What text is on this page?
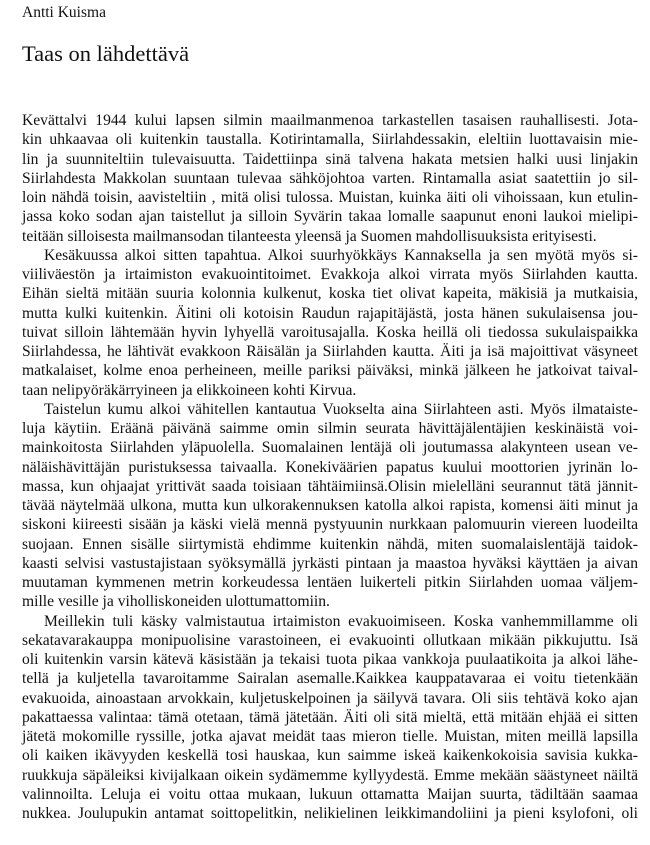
Antti Kuisma
Taas on lähdettävä
Kevättalvi 1944 kului lapsen silmin maailmanmenoa tarkastellen tasaisen rauhallisesti. Jota-
kin uhkaavaa oli kuitenkin taustalla. Kotirintamalla, Siirlahdessakin, eleltiin luottavaisin mie-
lin ja suunniteltiin tulevaisuutta. Taidettiinpa sinä talvena hakata metsien halki uusi linjakin
Siirlahdesta Makkolan suuntaan tulevaa sähköjohtoa varten. Rintamalla asiat saatettiin jo sil-
loin nähdä toisin, aavisteltiin , mitä olisi tulossa. Muistan, kuinka äiti oli vihoissaan, kun etulin-
jassa koko sodan ajan taistellut ja silloin Syvärin takaa lomalle saapunut enoni laukoi mielipi-
teitään silloisesta mailmansodan tilanteesta yleensä ja Suomen mahdollisuuksista erityisesti.
Kesäkuussa alkoi sitten tapahtua. Alkoi suurhyökkäys Kannaksella ja sen myötä myös si-
viiliväestön ja irtaimiston evakuointitoimet. Evakkoja alkoi virrata myös Siirlahden kautta.
Eihän sieltä mitään suuria kolonnia kulkenut, koska tiet olivat kapeita, mäkisiä ja mutkaisia,
mutta kulki kuitenkin. Äitini oli kotoisin Raudun rajapitäjästä, josta hänen sukulaisensa jou-
tuivat silloin lähtemään hyvin lyhyellä varoitusajalla. Koska heillä oli tiedossa sukulaispaikka
Siirlahdessa, he lähtivät evakkoon Räisälän ja Siirlahden kautta. Äiti ja isä majoittivat väsyneet
matkalaiset, kolme enoa perheineen, meille pariksi päiväksi, minkä jälkeen he jatkoivat taival-
taan nelipyöräkärryineen ja elikkoineen kohti Kirvua.
Taistelun kumu alkoi vähitellen kantautua Vuokselta aina Siirlahteen asti. Myös ilmataiste-
luja käytiin. Eräänä päivänä saimme omin silmin seurata hävittäjälentäjien keskinäistä voi-
mainkoitosta Siirlahden yläpuolella. Suomalainen lentäjä oli joutumassa alakynteen usean ve-
näläishävittäjän puristuksessa taivaalla. Konekiväärien papatus kuului moottorien jyrinän lo-
massa, kun ohjaajat yrittivät saada toisiaan tähtäimiinsä.Olisin mielelläni seurannut tätä jännit-
tävää näytelmää ulkona, mutta kun ulkorakennuksen katolla alkoi rapista, komensi äiti minut ja
siskoni kiireesti sisään ja käski vielä mennä pystyuunin nurkkaan palomuurin viereen luodeilta
suojaan. Ennen sisälle siirtymistä ehdimme kuitenkin nähdä, miten suomalaislentäjä taidok-
kaasti selvisi vastustajistaan syöksymällä jyrkästi pintaan ja maastoa hyväksi käyttäen ja aivan
muutaman kymmenen metrin korkeudessa lentäen luikerteli pitkin Siirlahden uomaa väljem-
mille vesille ja viholliskoneiden ulottumattomiin.
Meillekin tuli käsky valmistautua irtaimiston evakuoimiseen. Koska vanhemmillamme oli
sekatavarakauppa monipuolisine varastoineen, ei evakuointi ollutkaan mikään pikkujuttu. Isä
oli kuitenkin varsin kätevä käsistään ja tekaisi tuota pikaa vankkoja puulaatikoita ja alkoi lähe-
tellä ja kuljetella tavaroitamme Sairalan asemalle.Kaikkea kauppatavaraa ei voitu tietenkään
evakuoida, ainoastaan arvokkain, kuljetuskelpoinen ja säilyvä tavara. Oli siis tehtävä koko ajan
pakattaessa valintaa: tämä otetaan, tämä jätetään. Äiti oli sitä mieltä, että mitään ehjää ei sitten
jätetä mokomille ryssille, jotka ajavat meidät taas mieron tielle. Muistan, miten meillä lapsilla
oli kaiken ikävyyden keskellä tosi hauskaa, kun saimme iskeä kaikenkokoisia savisia kukka-
ruukkuja säpäleiksi kivijalkaan oikein sydämemme kyllyydestä. Emme mekään säästyneet näiltä
valinnoilta. Leluja ei voitu ottaa mukaan, lukuun ottamatta Maijan suurta, tädiltään saamaa
nukkea. Joulupukin antamat soittopelitkin, nelikielinen leikkimandoliini ja pieni ksylofoni, oli
